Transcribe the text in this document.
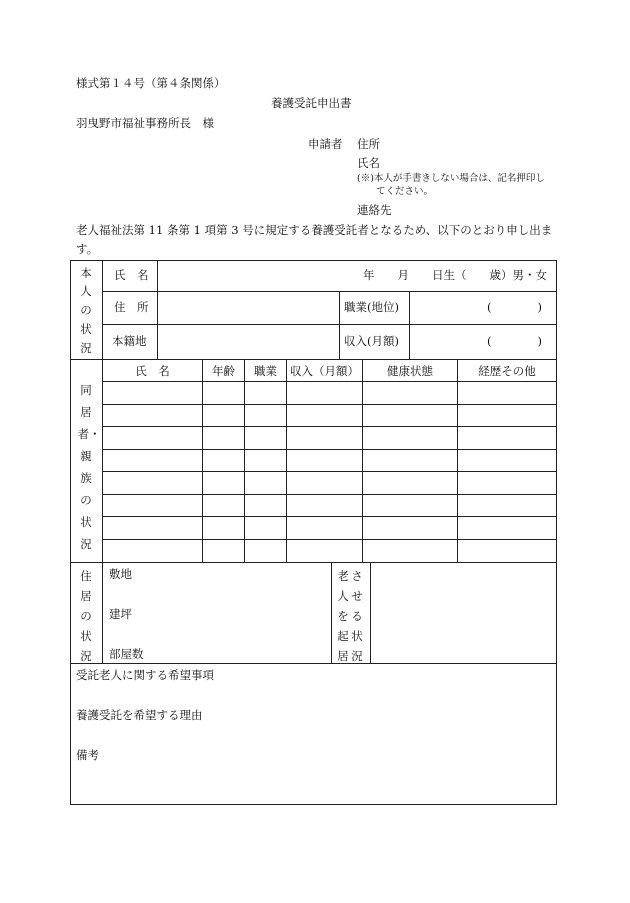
様式第１４号（第４条関係）
養護受託申出書
羽曳野市福祉事務所長　様
申請者 住所
氏名
(※)本人が手書きしない場合は、記名押印し
てください。
連絡先
老人福祉法第 11 条第 1 項第 3 号に規定する養護受託者となるため、以下のとおり申し出ま
す。
本
人
の
状
況
氏　名	年　　月　　日生（　　歳）男・女
住　所	職業(地位)	(　　　　)
本籍地	収入(月額)	(　　　　)
同
居
者・
親
族
の
状
況
氏　名	年齢	職業	収入（月額）	健康状態	経歴その他
住
居
の
状
況
敷地
建坪
部屋数
老
人
を
起
居
さ
せ
る
状
況
受託老人に関する希望事項
養護受託を希望する理由
備考
